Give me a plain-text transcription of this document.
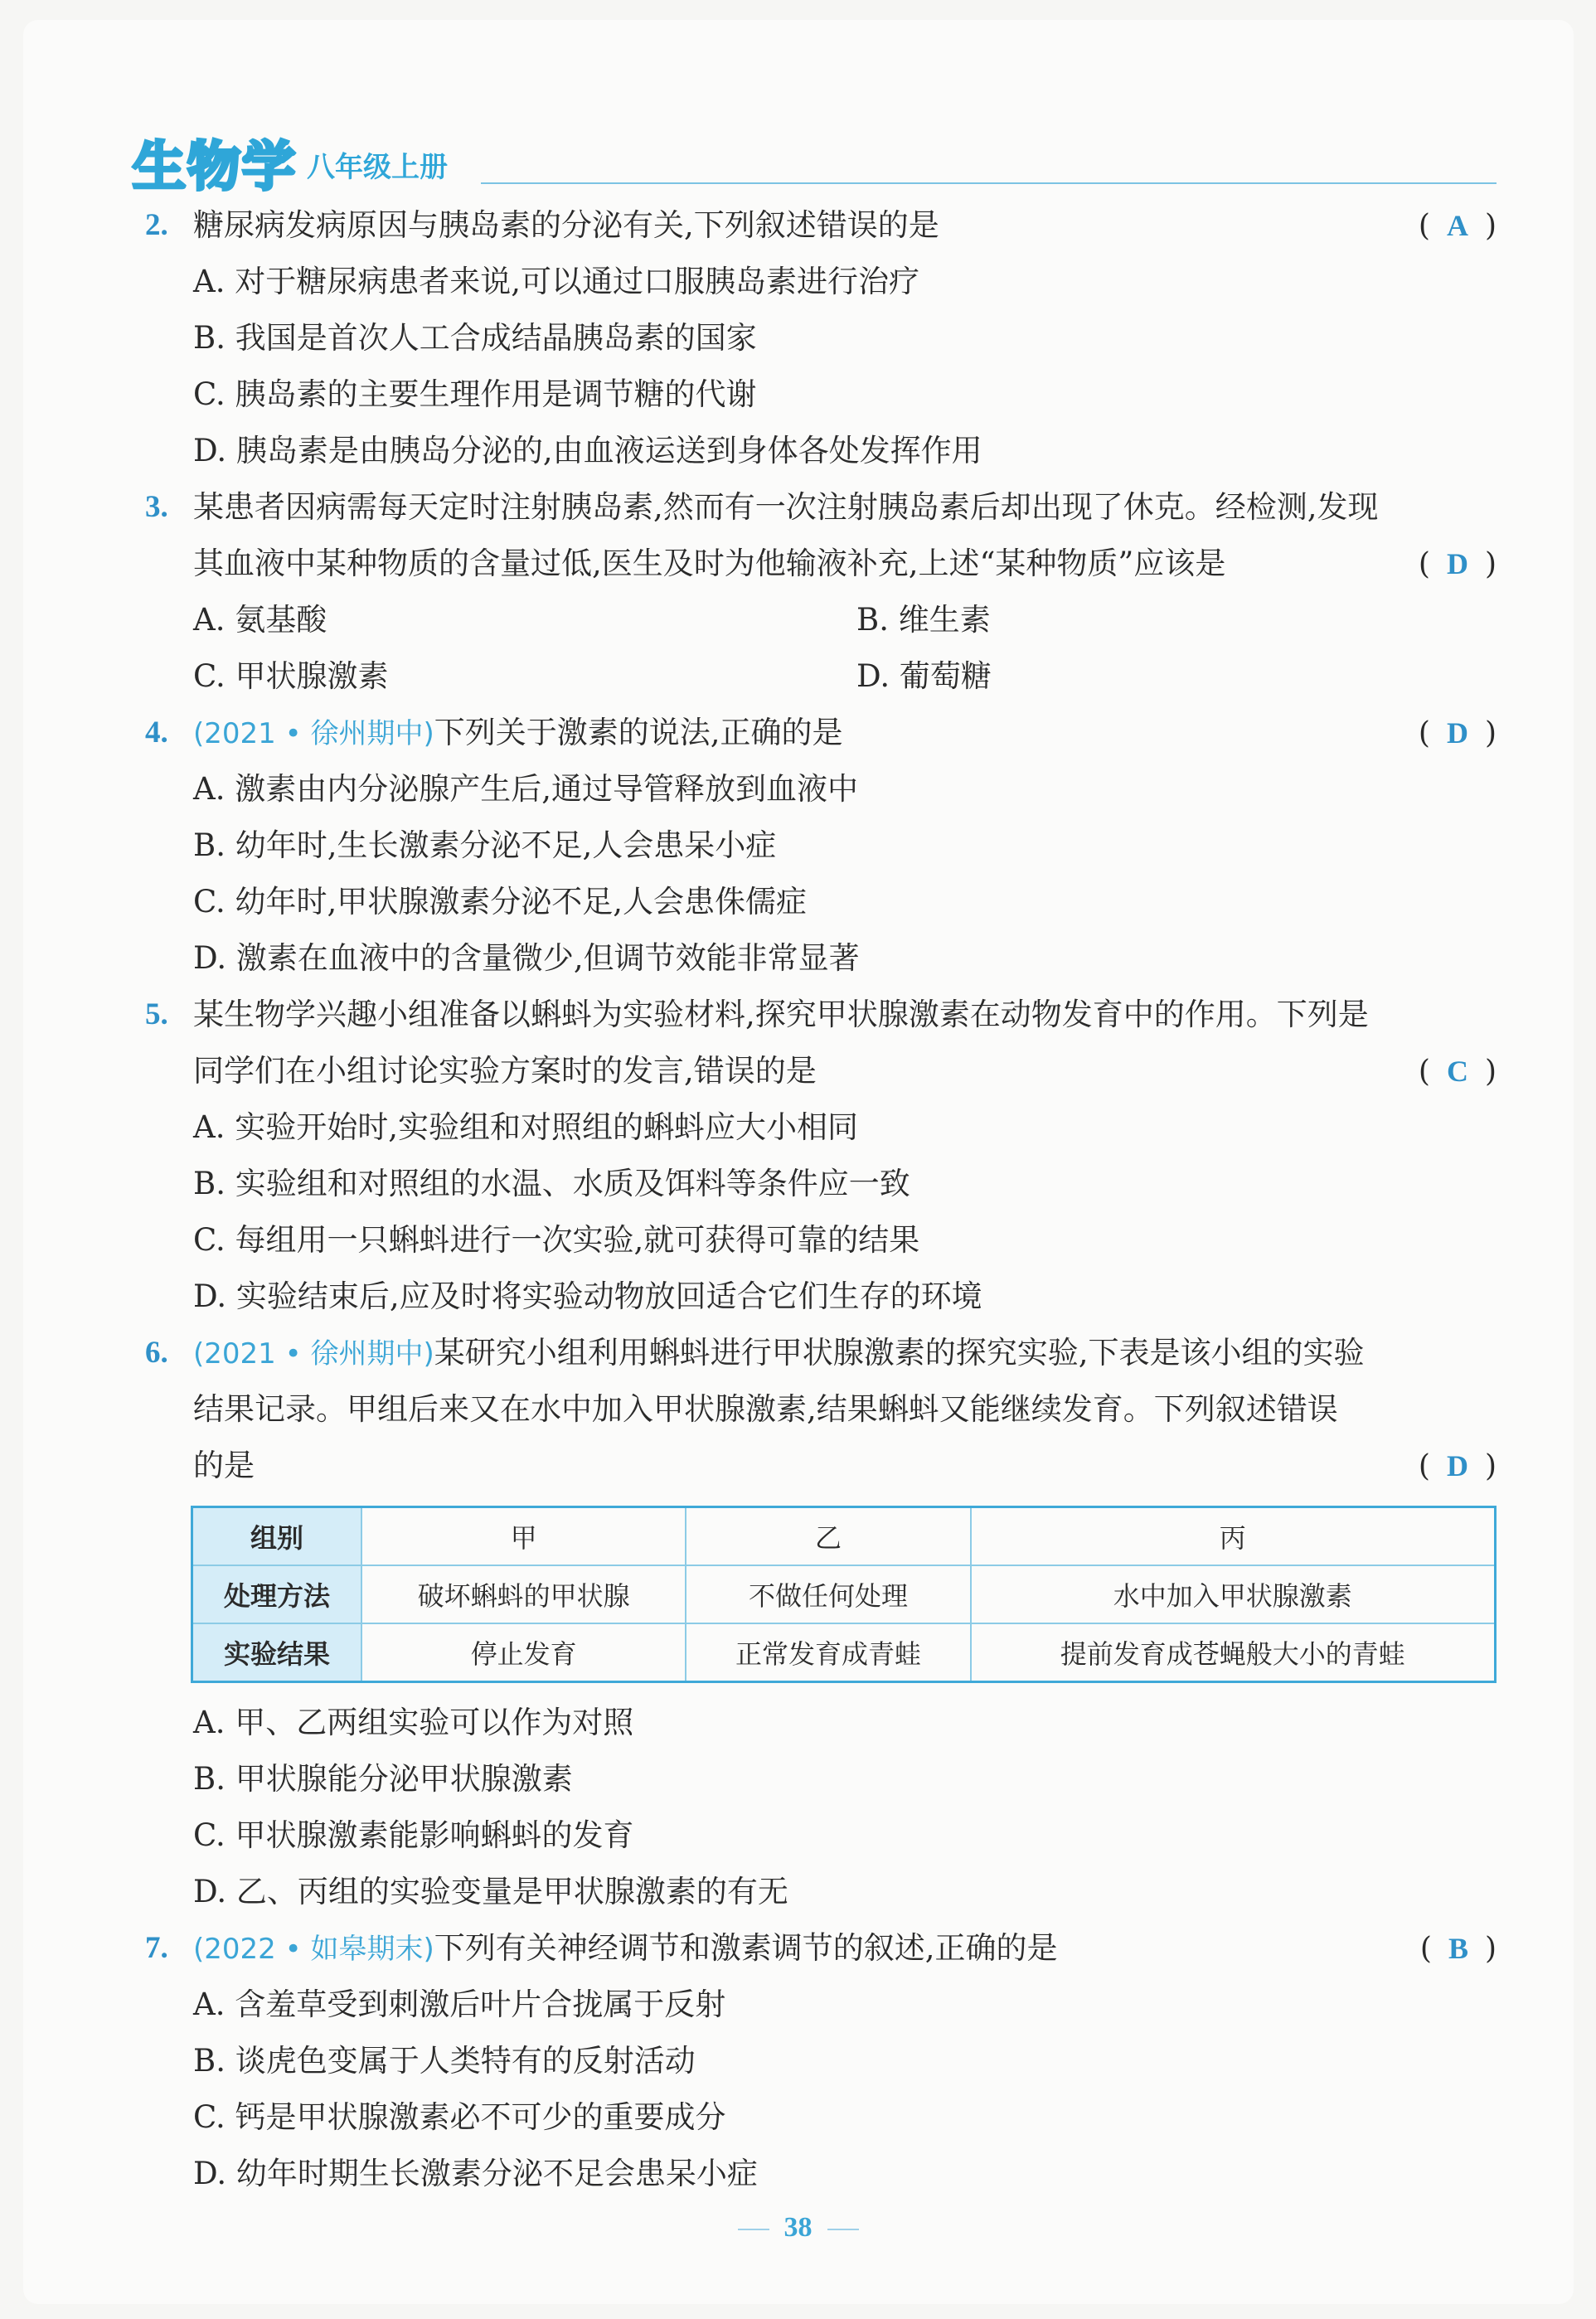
生物学 八年级上册
2. 糖尿病发病原因与胰岛素的分泌有关,下列叙述错误的是	( A )
A. 对于糖尿病患者来说,可以通过口服胰岛素进行治疗
B. 我国是首次人工合成结晶胰岛素的国家
C. 胰岛素的主要生理作用是调节糖的代谢
D. 胰岛素是由胰岛分泌的,由血液运送到身体各处发挥作用
3. 某患者因病需每天定时注射胰岛素,然而有一次注射胰岛素后却出现了休克。经检测,发现
其血液中某种物质的含量过低,医生及时为他输液补充,上述“某种物质”应该是	( D )
A. 氨基酸	B. 维生素
C. 甲状腺激素	D. 葡萄糖
4. (2021 • 徐州期中)下列关于激素的说法,正确的是	( D )
A. 激素由内分泌腺产生后,通过导管释放到血液中
B. 幼年时,生长激素分泌不足,人会患呆小症
C. 幼年时,甲状腺激素分泌不足,人会患侏儒症
D. 激素在血液中的含量微少,但调节效能非常显著
5. 某生物学兴趣小组准备以蝌蚪为实验材料,探究甲状腺激素在动物发育中的作用。下列是
同学们在小组讨论实验方案时的发言,错误的是	( C )
A. 实验开始时,实验组和对照组的蝌蚪应大小相同
B. 实验组和对照组的水温、水质及饵料等条件应一致
C. 每组用一只蝌蚪进行一次实验,就可获得可靠的结果
D. 实验结束后,应及时将实验动物放回适合它们生存的环境
6. (2021 • 徐州期中)某研究小组利用蝌蚪进行甲状腺激素的探究实验,下表是该小组的实验
结果记录。甲组后来又在水中加入甲状腺激素,结果蝌蚪又能继续发育。下列叙述错误
的是	( D )
组别	甲	乙	丙
处理方法	破坏蝌蚪的甲状腺	不做任何处理	水中加入甲状腺激素
实验结果	停止发育	正常发育成青蛙	提前发育成苍蝇般大小的青蛙
A. 甲、乙两组实验可以作为对照
B. 甲状腺能分泌甲状腺激素
C. 甲状腺激素能影响蝌蚪的发育
D. 乙、丙组的实验变量是甲状腺激素的有无
7. (2022 • 如皋期末)下列有关神经调节和激素调节的叙述,正确的是	( B )
A. 含羞草受到刺激后叶片合拢属于反射
B. 谈虎色变属于人类特有的反射活动
C. 钙是甲状腺激素必不可少的重要成分
D. 幼年时期生长激素分泌不足会患呆小症
38
